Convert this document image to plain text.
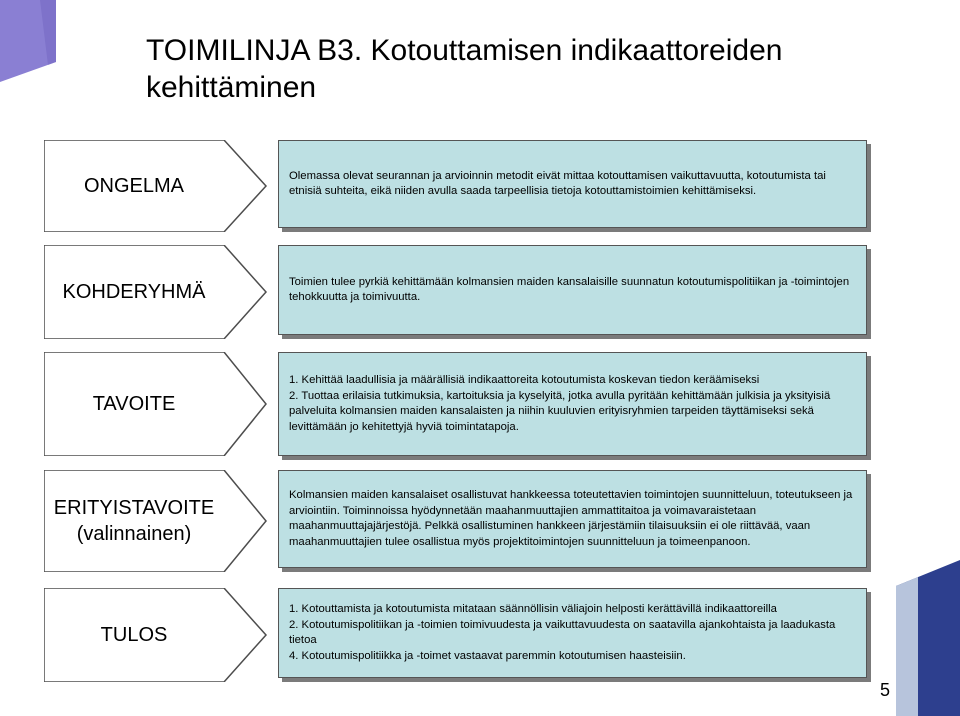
TOIMILINJA B3. Kotouttamisen indikaattoreiden kehittäminen
ONGELMA	Olemassa olevat seurannan ja arvioinnin metodit eivät mittaa kotouttamisen vaikuttavuutta, kotoutumista tai etnisiä suhteita, eikä niiden avulla saada tarpeellisia tietoja kotouttamistoimien kehittämiseksi.

KOHDERYHMÄ	Toimien tulee pyrkiä kehittämään kolmansien maiden kansalaisille suunnatun kotoutumispolitiikan ja -toimintojen tehokkuutta ja toimivuutta.

TAVOITE

1. Kehittää laadullisia ja määrällisiä indikaattoreita kotoutumista koskevan tiedon keräämiseksi

2. Tuottaa erilaisia tutkimuksia, kartoituksia ja kyselyitä, jotka avulla pyritään kehittämään julkisia ja yksityisiä palveluita kolmansien maiden kansalaisten ja niihin kuuluvien erityisryhmien tarpeiden täyttämiseksi sekä levittämään jo kehitettyjä hyviä toimintatapoja.

ERITYISTAVOITE (valinnainen)

Kolmansien maiden kansalaiset osallistuvat hankkeessa toteutettavien toimintojen suunnitteluun, toteutukseen ja arviointiin. Toiminnoissa hyödynnetään maahanmuuttajien ammattitaitoa ja voimavaraistetaan maahanmuuttajajärjestöjä. Pelkkä osallistuminen hankkeen järjestämiin tilaisuuksiin ei ole riittävää, vaan maahanmuuttajien tulee osallistua myös projektitoimintojen suunnitteluun ja toimeenpanoon.

TULOS

1. Kotouttamista ja kotoutumista mitataan säännöllisin väliajoin helposti kerättävillä indikaattoreilla

2. Kotoutumispolitiikan ja -toimien toimivuudesta ja vaikuttavuudesta on saatavilla ajankohtaista ja laadukasta tietoa

4. Kotoutumispolitiikka ja -toimet vastaavat paremmin kotoutumisen haasteisiin.

5
